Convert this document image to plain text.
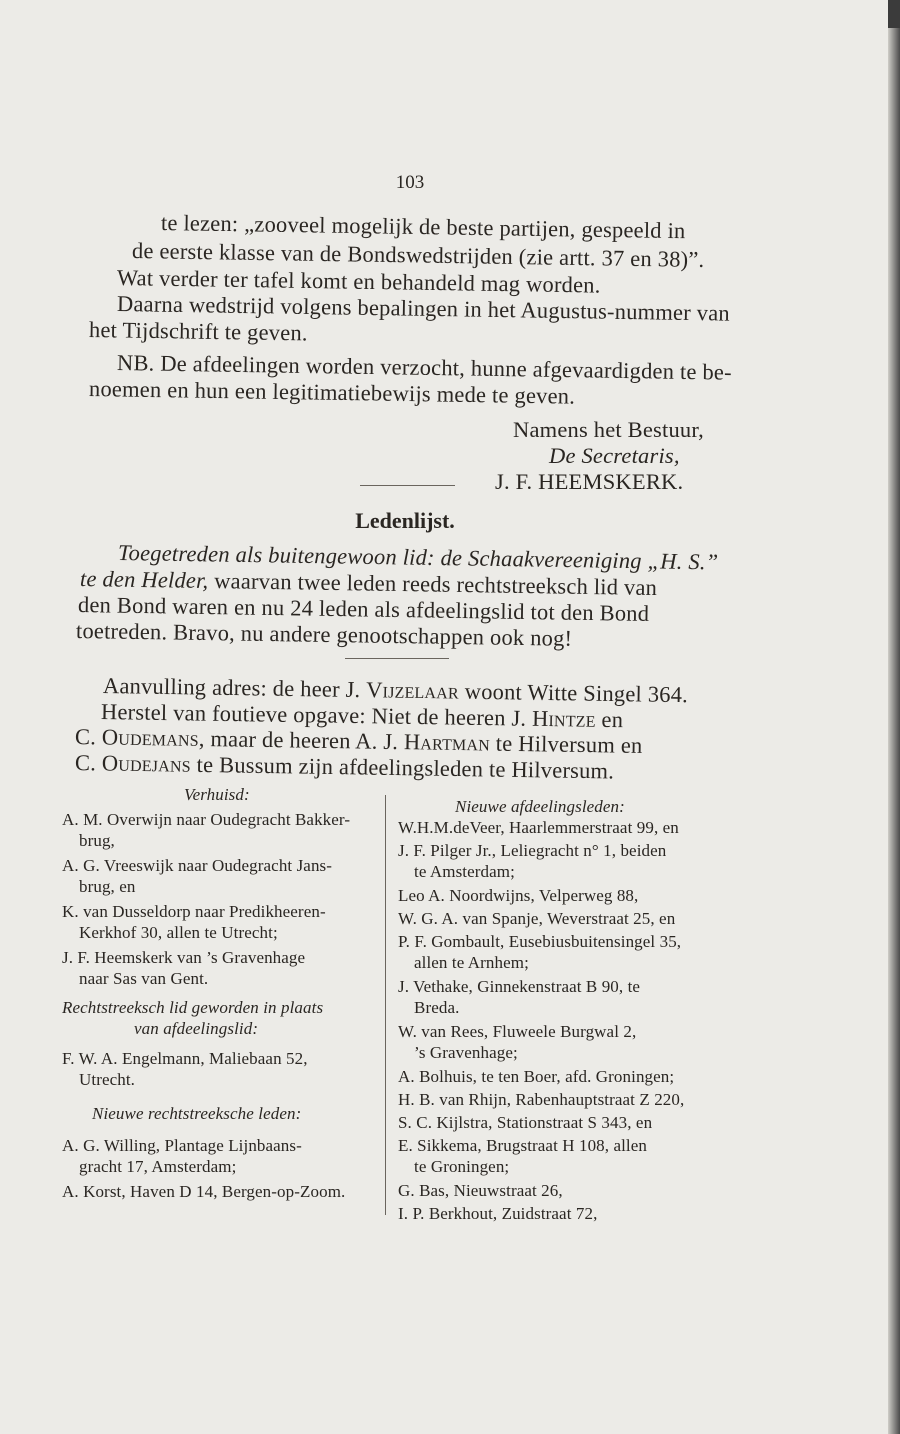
103
te lezen: „zooveel mogelijk de beste partijen, gespeeld in
de eerste klasse van de Bondswedstrijden (zie artt. 37 en 38)”.
Wat verder ter tafel komt en behandeld mag worden.
Daarna wedstrijd volgens bepalingen in het Augustus-nummer van
het Tijdschrift te geven.
NB. De afdeelingen worden verzocht, hunne afgevaardigden te be-
noemen en hun een legitimatiebewijs mede te geven.
Namens het Bestuur,
De Secretaris,
J. F. HEEMSKERK.
Ledenlijst.
Toegetreden als buitengewoon lid: de Schaakvereeniging „H. S.”
te den Helder, waarvan twee leden reeds rechtstreeksch lid van
den Bond waren en nu 24 leden als afdeelingslid tot den Bond
toetreden. Bravo, nu andere genootschappen ook nog!
Aanvulling adres: de heer J. Vijzelaar woont Witte Singel 364.
Herstel van foutieve opgave: Niet de heeren J. Hintze en
C. Oudemans, maar de heeren A. J. Hartman te Hilversum en
C. Oudejans te Bussum zijn afdeelingsleden te Hilversum.
Verhuisd:
A. M. Overwijn naar Oudegracht Bakker-
brug,
A. G. Vreeswijk naar Oudegracht Jans-
brug, en
K. van Dusseldorp naar Predikheeren-
Kerkhof 30, allen te Utrecht;
J. F. Heemskerk van ’s Gravenhage
naar Sas van Gent.
Rechtstreeksch lid geworden in plaats
van afdeelingslid:
F. W. A. Engelmann, Maliebaan 52,
Utrecht.
Nieuwe rechtstreeksche leden:
A. G. Willing, Plantage Lijnbaans-
gracht 17, Amsterdam;
A. Korst, Haven D 14, Bergen-op-Zoom.
Nieuwe afdeelingsleden:
W.H.M.deVeer, Haarlemmerstraat 99, en
J. F. Pilger Jr., Leliegracht n° 1, beiden
te Amsterdam;
Leo A. Noordwijns, Velperweg 88,
W. G. A. van Spanje, Weverstraat 25, en
P. F. Gombault, Eusebiusbuitensingel 35,
allen te Arnhem;
J. Vethake, Ginnekenstraat B 90, te
Breda.
W. van Rees, Fluweele Burgwal 2,
’s Gravenhage;
A. Bolhuis, te ten Boer, afd. Groningen;
H. B. van Rhijn, Rabenhauptstraat Z 220,
S. C. Kijlstra, Stationstraat S 343, en
E. Sikkema, Brugstraat H 108, allen
te Groningen;
G. Bas, Nieuwstraat 26,
I. P. Berkhout, Zuidstraat 72,
